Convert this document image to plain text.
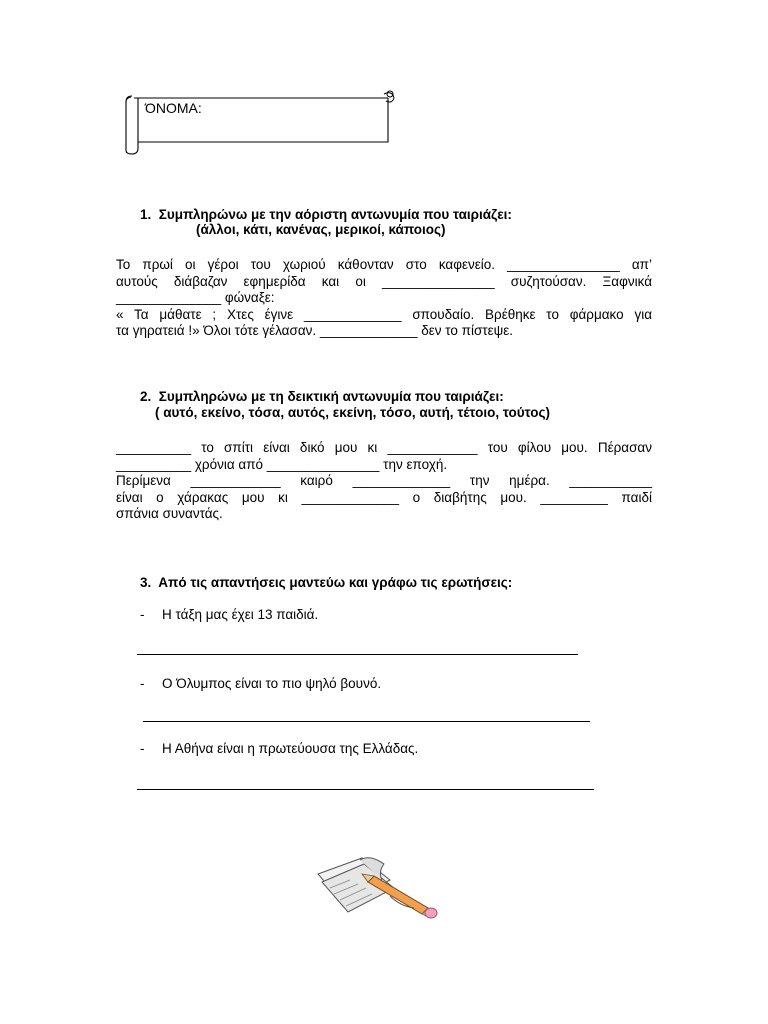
ΌΝΟΜΑ:
1. Συμπληρώνω με την αόριστη αντωνυμία που ταιριάζει:
(άλλοι, κάτι, κανένας, μερικοί, κάποιος)
Το πρωί οι γέροι του χωριού κάθονταν στο καφενείο. _______________ απ’
αυτούς διάβαζαν εφημερίδα και οι _______________ συζητούσαν. Ξαφνικά
______________ φώναξε:
« Τα μάθατε ; Χτες έγινε _____________ σπουδαίο. Βρέθηκε το φάρμακο για
τα γηρατειά !» Όλοι τότε γέλασαν. _____________ δεν το πίστεψε.
2. Συμπληρώνω με τη δεικτική αντωνυμία που ταιριάζει:
( αυτό, εκείνο, τόσα, αυτός, εκείνη, τόσο, αυτή, τέτοιο, τούτος)
__________ το σπίτι είναι δικό μου κι ____________ του φίλου μου. Πέρασαν
__________ χρόνια από _______________ την εποχή.
Περίμενα ____________ καιρό _____________ την ημέρα. ___________
είναι ο χάρακας μου κι _____________ ο διαβήτης μου. _________ παιδί
σπάνια συναντάς.
3. Από τις απαντήσεις μαντεύω και γράφω τις ερωτήσεις:
- Η τάξη μας έχει 13 παιδιά.
- Ο Όλυμπος είναι το πιο ψηλό βουνό.
- Η Αθήνα είναι η πρωτεύουσα της Ελλάδας.
